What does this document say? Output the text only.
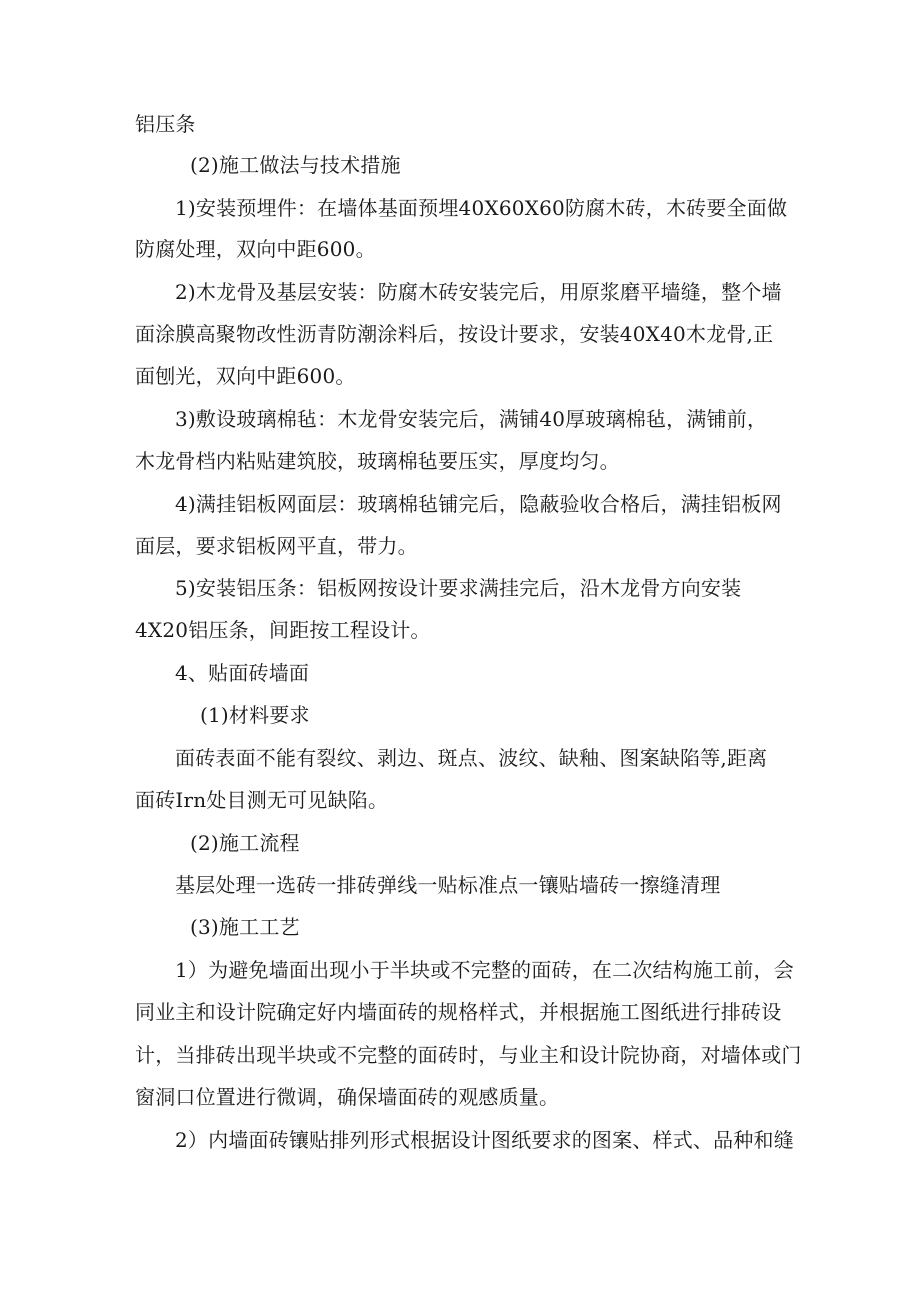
铝压条
(2)施工做法与技术措施
1)安装预埋件：在墙体基面预埋40X60X60防腐木砖，木砖要全面做
防腐处理，双向中距600。
2)木龙骨及基层安装：防腐木砖安装完后，用原浆磨平墙缝，整个墙
面涂膜高聚物改性沥青防潮涂料后，按设计要求，安装40X40木龙骨,正
面刨光，双向中距600。
3)敷设玻璃棉毡：木龙骨安装完后，满铺40厚玻璃棉毡，满铺前，
木龙骨档内粘贴建筑胶，玻璃棉毡要压实，厚度均匀。
4)满挂铝板网面层：玻璃棉毡铺完后，隐蔽验收合格后，满挂铝板网
面层，要求铝板网平直，带力。
5)安装铝压条：铝板网按设计要求满挂完后，沿木龙骨方向安装
4X20铝压条，间距按工程设计。
4、贴面砖墙面
(1)材料要求
面砖表面不能有裂纹、剥边、斑点、波纹、缺釉、图案缺陷等,距离
面砖Irn处目测无可见缺陷。
(2)施工流程
基层处理一选砖一排砖弹线一贴标准点一镶贴墙砖一擦缝清理
(3)施工工艺
1）为避免墙面出现小于半块或不完整的面砖，在二次结构施工前，会
同业主和设计院确定好内墙面砖的规格样式，并根据施工图纸进行排砖设
计，当排砖出现半块或不完整的面砖时，与业主和设计院协商，对墙体或门
窗洞口位置进行微调，确保墙面砖的观感质量。
2）内墙面砖镶贴排列形式根据设计图纸要求的图案、样式、品种和缝
